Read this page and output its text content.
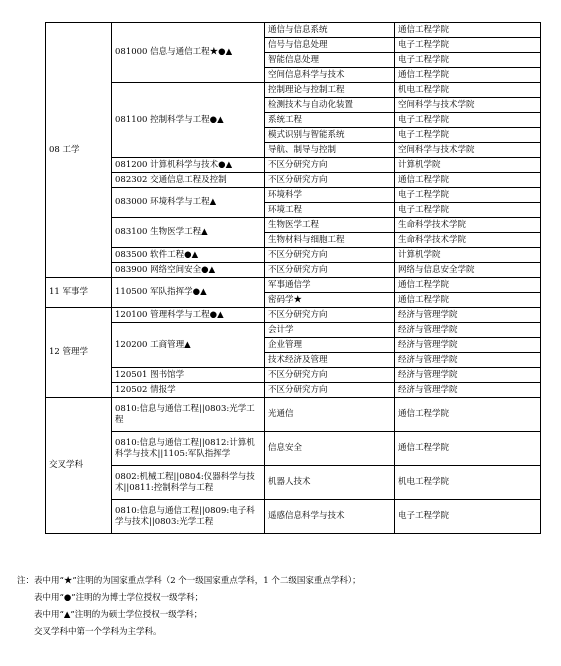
08 工学	081000 信息与通信工程★●▲	通信与信息系统	通信工程学院
		信号与信息处理	电子工程学院
		智能信息处理	电子工程学院
		空间信息科学与技术	通信工程学院
	081100 控制科学与工程●▲	控制理论与控制工程	机电工程学院
		检测技术与自动化装置	空间科学与技术学院
		系统工程	电子工程学院
		模式识别与智能系统	电子工程学院
		导航、制导与控制	空间科学与技术学院
	081200 计算机科学与技术●▲	不区分研究方向	计算机学院
	082302 交通信息工程及控制	不区分研究方向	通信工程学院
	083000 环境科学与工程▲	环境科学	电子工程学院
		环境工程	电子工程学院
	083100 生物医学工程▲	生物医学工程	生命科学技术学院
		生物材料与细胞工程	生命科学技术学院
	083500 软件工程●▲	不区分研究方向	计算机学院
	083900 网络空间安全●▲	不区分研究方向	网络与信息安全学院
11 军事学	110500 军队指挥学●▲	军事通信学	通信工程学院
		密码学★	通信工程学院
12 管理学	120100 管理科学与工程●▲	不区分研究方向	经济与管理学院
	120200 工商管理▲	会计学	经济与管理学院
		企业管理	经济与管理学院
		技术经济及管理	经济与管理学院
	120501 图书馆学	不区分研究方向	经济与管理学院
	120502 情报学	不区分研究方向	经济与管理学院
交叉学科	0810:信息与通信工程||0803:光学工程	光通信	通信工程学院
	0810:信息与通信工程||0812:计算机科学与技术||1105:军队指挥学	信息安全	通信工程学院
	0802:机械工程||0804:仪器科学与技术||0811:控制科学与工程	机器人技术	机电工程学院
	0810:信息与通信工程||0809:电子科学与技术||0803:光学工程	遥感信息科学与技术	电子工程学院
注：表中用“★”注明的为国家重点学科（2 个一级国家重点学科，1 个二级国家重点学科）；
表中用“●”注明的为博士学位授权一级学科；
表中用“▲”注明的为硕士学位授权一级学科；
交叉学科中第一个学科为主学科。
